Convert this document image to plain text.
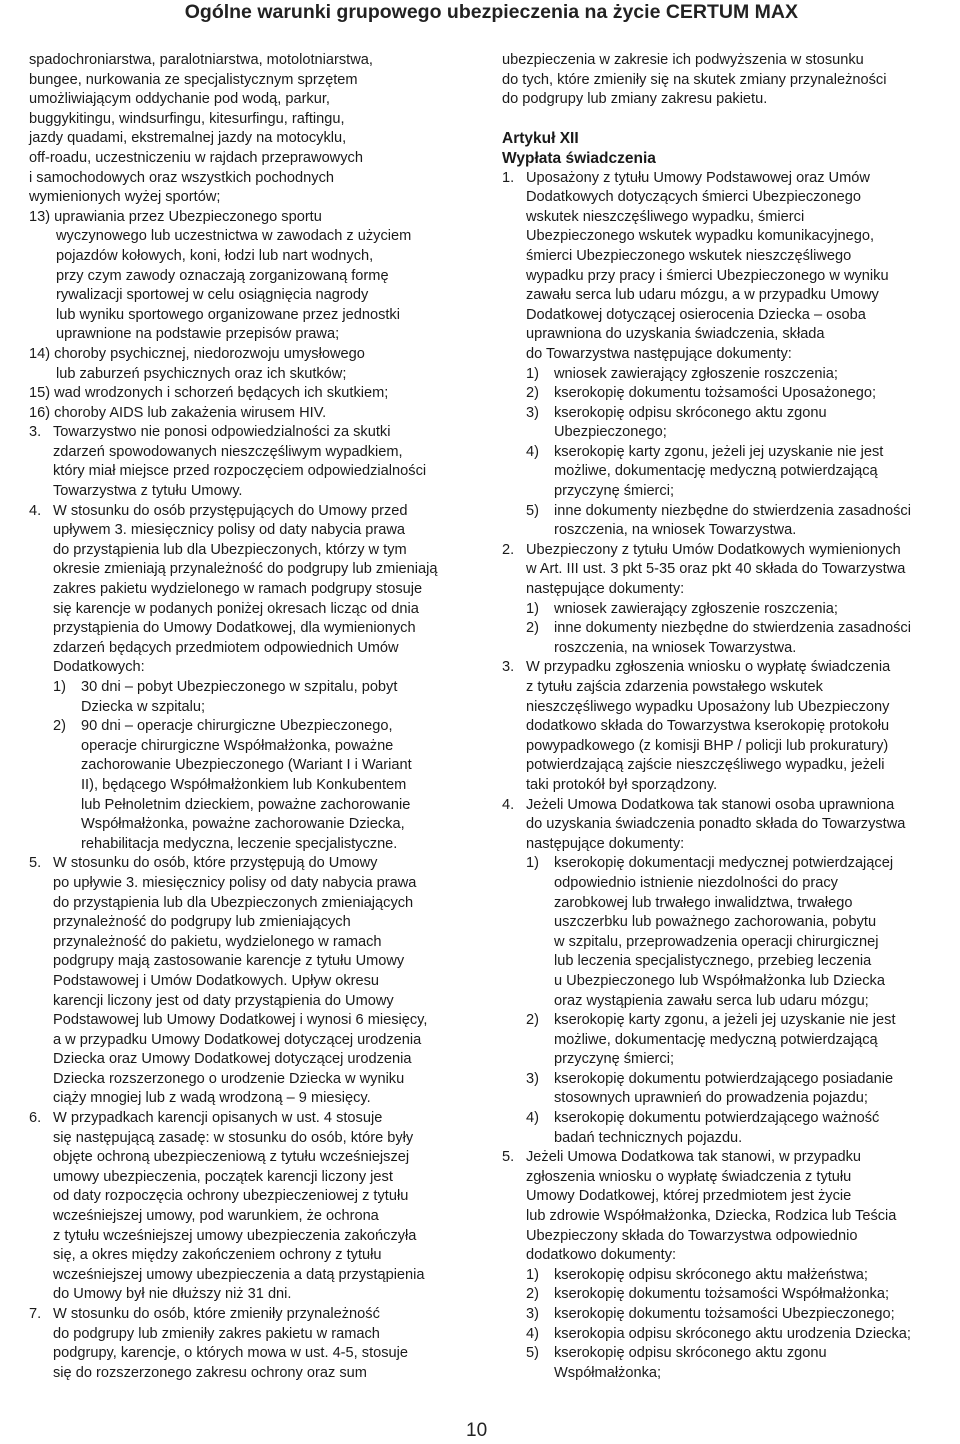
Ogólne warunki grupowego ubezpieczenia na życie CERTUM MAX
spadochroniarstwa, paralotniarstwa, motolotniarstwa,
bungee, nurkowania ze specjalistycznym sprzętem
umożliwiającym oddychanie pod wodą, parkur,
buggykitingu, windsurfingu, kitesurfingu, raftingu,
jazdy quadami, ekstremalnej jazdy na motocyklu,
off-roadu, uczestniczeniu w rajdach przeprawowych
i samochodowych oraz wszystkich pochodnych
wymienionych wyżej sportów;
13) uprawiania przez Ubezpieczonego sportu
wyczynowego lub uczestnictwa w zawodach z użyciem
pojazdów kołowych, koni, łodzi lub nart wodnych,
przy czym zawody oznaczają zorganizowaną formę
rywalizacji sportowej w celu osiągnięcia nagrody
lub wyniku sportowego organizowane przez jednostki
uprawnione na podstawie przepisów prawa;
14) choroby psychicznej, niedorozwoju umysłowego
lub zaburzeń psychicznych oraz ich skutków;
15) wad wrodzonych i schorzeń będących ich skutkiem;
16) choroby AIDS lub zakażenia wirusem HIV.
3. Towarzystwo nie ponosi odpowiedzialności za skutki
zdarzeń spowodowanych nieszczęśliwym wypadkiem,
który miał miejsce przed rozpoczęciem odpowiedzialności
Towarzystwa z tytułu Umowy.
4. W stosunku do osób przystępujących do Umowy przed
upływem 3. miesięcznicy polisy od daty nabycia prawa
do przystąpienia lub dla Ubezpieczonych, którzy w tym
okresie zmieniają przynależność do podgrupy lub zmieniają
zakres pakietu wydzielonego w ramach podgrupy stosuje
się karencje w podanych poniżej okresach licząc od dnia
przystąpienia do Umowy Dodatkowej, dla wymienionych
zdarzeń będących przedmiotem odpowiednich Umów
Dodatkowych:
1) 30 dni – pobyt Ubezpieczonego w szpitalu, pobyt
Dziecka w szpitalu;
2) 90 dni – operacje chirurgiczne Ubezpieczonego,
operacje chirurgiczne Współmałżonka, poważne
zachorowanie Ubezpieczonego (Wariant I i Wariant
II), będącego Współmałżonkiem lub Konkubentem
lub Pełnoletnim dzieckiem, poważne zachorowanie
Współmałżonka, poważne zachorowanie Dziecka,
rehabilitacja medyczna, leczenie specjalistyczne.
5. W stosunku do osób, które przystępują do Umowy
po upływie 3. miesięcznicy polisy od daty nabycia prawa
do przystąpienia lub dla Ubezpieczonych zmieniających
przynależność do podgrupy lub zmieniających
przynależność do pakietu, wydzielonego w ramach
podgrupy mają zastosowanie karencje z tytułu Umowy
Podstawowej i Umów Dodatkowych. Upływ okresu
karencji liczony jest od daty przystąpienia do Umowy
Podstawowej lub Umowy Dodatkowej i wynosi 6 miesięcy,
a w przypadku Umowy Dodatkowej dotyczącej urodzenia
Dziecka oraz Umowy Dodatkowej dotyczącej urodzenia
Dziecka rozszerzonego o urodzenie Dziecka w wyniku
ciąży mnogiej lub z wadą wrodzoną – 9 miesięcy.
6. W przypadkach karencji opisanych w ust. 4 stosuje
się następującą zasadę: w stosunku do osób, które były
objęte ochroną ubezpieczeniową z tytułu wcześniejszej
umowy ubezpieczenia, początek karencji liczony jest
od daty rozpoczęcia ochrony ubezpieczeniowej z tytułu
wcześniejszej umowy, pod warunkiem, że ochrona
z tytułu wcześniejszej umowy ubezpieczenia zakończyła
się, a okres między zakończeniem ochrony z tytułu
wcześniejszej umowy ubezpieczenia a datą przystąpienia
do Umowy był nie dłuższy niż 31 dni.
7. W stosunku do osób, które zmieniły przynależność
do podgrupy lub zmieniły zakres pakietu w ramach
podgrupy, karencje, o których mowa w ust. 4-5, stosuje
się do rozszerzonego zakresu ochrony oraz sum
ubezpieczenia w zakresie ich podwyższenia w stosunku
do tych, które zmieniły się na skutek zmiany przynależności
do podgrupy lub zmiany zakresu pakietu.
Artykuł XII
Wypłata świadczenia
1. Uposażony z tytułu Umowy Podstawowej oraz Umów
Dodatkowych dotyczących śmierci Ubezpieczonego
wskutek nieszczęśliwego wypadku, śmierci
Ubezpieczonego wskutek wypadku komunikacyjnego,
śmierci Ubezpieczonego wskutek nieszczęśliwego
wypadku przy pracy i śmierci Ubezpieczonego w wyniku
zawału serca lub udaru mózgu, a w przypadku Umowy
Dodatkowej dotyczącej osierocenia Dziecka – osoba
uprawniona do uzyskania świadczenia, składa
do Towarzystwa następujące dokumenty:
1) wniosek zawierający zgłoszenie roszczenia;
2) kserokopię dokumentu tożsamości Uposażonego;
3) kserokopię odpisu skróconego aktu zgonu
Ubezpieczonego;
4) kserokopię karty zgonu, jeżeli jej uzyskanie nie jest
możliwe, dokumentację medyczną potwierdzającą
przyczynę śmierci;
5) inne dokumenty niezbędne do stwierdzenia zasadności
roszczenia, na wniosek Towarzystwa.
2. Ubezpieczony z tytułu Umów Dodatkowych wymienionych
w Art. III ust. 3 pkt 5-35 oraz pkt 40 składa do Towarzystwa
następujące dokumenty:
1) wniosek zawierający zgłoszenie roszczenia;
2) inne dokumenty niezbędne do stwierdzenia zasadności
roszczenia, na wniosek Towarzystwa.
3. W przypadku zgłoszenia wniosku o wypłatę świadczenia
z tytułu zajścia zdarzenia powstałego wskutek
nieszczęśliwego wypadku Uposażony lub Ubezpieczony
dodatkowo składa do Towarzystwa kserokopię protokołu
powypadkowego (z komisji BHP / policji lub prokuratury)
potwierdzającą zajście nieszczęśliwego wypadku, jeżeli
taki protokół był sporządzony.
4. Jeżeli Umowa Dodatkowa tak stanowi osoba uprawniona
do uzyskania świadczenia ponadto składa do Towarzystwa
następujące dokumenty:
1) kserokopię dokumentacji medycznej potwierdzającej
odpowiednio istnienie niezdolności do pracy
zarobkowej lub trwałego inwalidztwa, trwałego
uszczerbku lub poważnego zachorowania, pobytu
w szpitalu, przeprowadzenia operacji chirurgicznej
lub leczenia specjalistycznego, przebieg leczenia
u Ubezpieczonego lub Współmałżonka lub Dziecka
oraz wystąpienia zawału serca lub udaru mózgu;
2) kserokopię karty zgonu, a jeżeli jej uzyskanie nie jest
możliwe, dokumentację medyczną potwierdzającą
przyczynę śmierci;
3) kserokopię dokumentu potwierdzającego posiadanie
stosownych uprawnień do prowadzenia pojazdu;
4) kserokopię dokumentu potwierdzającego ważność
badań technicznych pojazdu.
5. Jeżeli Umowa Dodatkowa tak stanowi, w przypadku
zgłoszenia wniosku o wypłatę świadczenia z tytułu
Umowy Dodatkowej, której przedmiotem jest życie
lub zdrowie Współmałżonka, Dziecka, Rodzica lub Teścia
Ubezpieczony składa do Towarzystwa odpowiednio
dodatkowo dokumenty:
1) kserokopię odpisu skróconego aktu małżeństwa;
2) kserokopię dokumentu tożsamości Współmałżonka;
3) kserokopię dokumentu tożsamości Ubezpieczonego;
4) kserokopia odpisu skróconego aktu urodzenia Dziecka;
5) kserokopię odpisu skróconego aktu zgonu
Współmałżonka;
10
